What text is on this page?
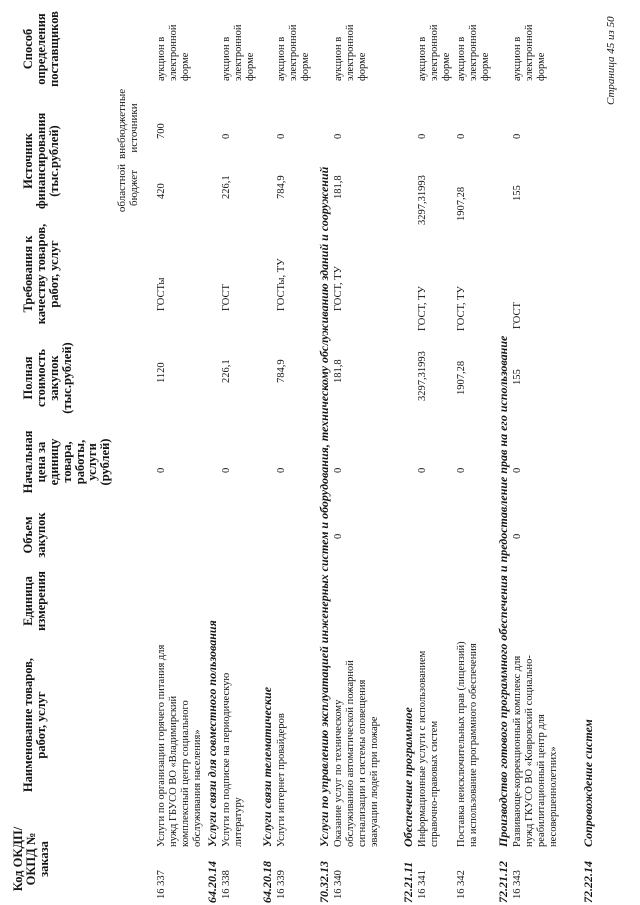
Код ОКДП/ ОКПД № заказа
Наименование товаров, работ, услуг
Единица измерения
Объем закупок
Начальная цена за единицу товара, работы,
услуги (рублей)
Полная стоимость закупок (тыс.рублей)
Требования к качеству товаров, работ, услуг
Источник финансирования (тыс.рублей)	областной бюджет
внебюджетные источники
Способ определения поставщиков
16 337
Услуги по организации горячего питания для нужд ГБУСО ВО «Владимирский комплексный центр социального обслуживания населения»
0
1120
ГОСТы
420
700
аукцион в электронной форме
64.20.14
Услуги связи для совместного пользования
16 338
Услуги по подписке на периодическую литературу
0
226,1
ГОСТ
226,1
0
аукцион в электронной форме
64.20.18
Услуги связи телематические
16 339
Услуги интернет провайдеров
0
784,9
ГОСТы, ТУ
784,9
0
аукцион в электронной форме
70.32.13
Услуги по управлению эксплуатацией инженерных систем и оборудования, техническому обслуживанию зданий и сооружений
16 340
Оказание услуг по техническому обслуживанию автоматической пожарной сигнализации и системы оповещения эвакуации людей при пожаре
0
0
181,8
ГОСТ, ТУ
181,8
0
аукцион в электронной форме
72.21.11
Обеспечение программное
16 341
Информационные услуги с использованием справочно-правовых систем
0
3297,31993
ГОСТ, ТУ
3297,31993
0
аукцион в электронной форме
16 342
Поставка неисключительных прав (лицензий) на использование программного обеспечения
0
1907,28
ГОСТ, ТУ
1907,28
0
аукцион в электронной форме
72.21.12
Производство готового программного обеспечения и предоставление прав на его использование
16 343
Развивающе-коррекционный комплекс для нужд ГКУСО ВО «Ковровский социально-реабилитационный центр для несовершеннолетних»
0
0
155
ГОСТ
155
0
аукцион в электронной форме
72.22.14
Сопровождение систем
Страница 45 из 50
